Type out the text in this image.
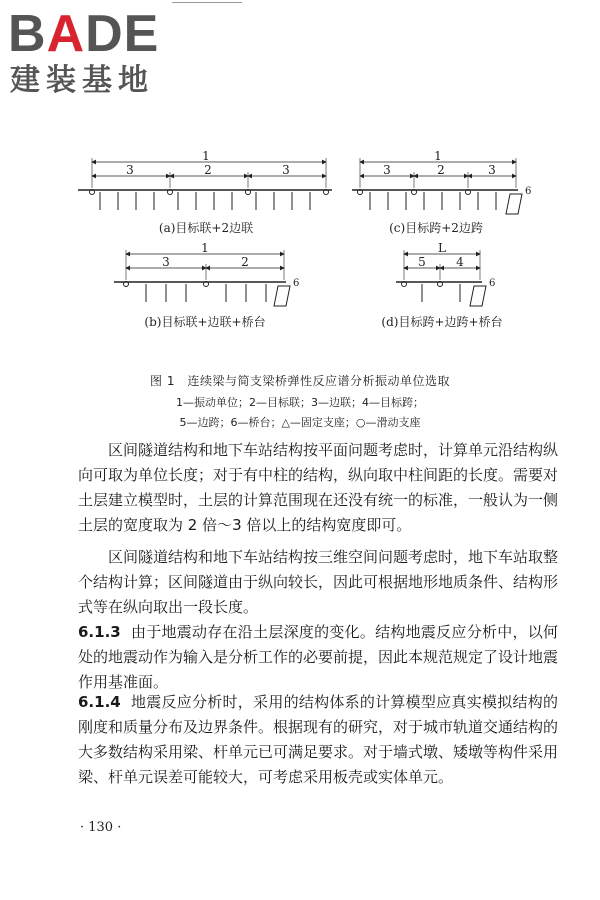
BADE
建装基地
1
3	2	3
(a)目标联+2边联
1
3	2	3
6
(c)目标跨+2边跨
1
3	2
6
(b)目标联+边联+桥台
L
5	4
6
(d)目标跨+边跨+桥台
图 1　连续梁与简支梁桥弹性反应谱分析振动单位选取
1—振动单位；2—目标联；3—边联；4—目标跨；
5—边跨；6—桥台；△—固定支座；○—滑动支座
区间隧道结构和地下车站结构按平面问题考虑时，计算单元沿结构纵向可取为单位长度；对于有中柱的结构，纵向取中柱间距的长度。需要对土层建立模型时，土层的计算范围现在还没有统一的标准，一般认为一侧土层的宽度取为 2 倍～3 倍以上的结构宽度即可。
区间隧道结构和地下车站结构按三维空间问题考虑时，地下车站取整个结构计算；区间隧道由于纵向较长，因此可根据地形地质条件、结构形式等在纵向取出一段长度。
6.1.3 由于地震动存在沿土层深度的变化。结构地震反应分析中，以何处的地震动作为输入是分析工作的必要前提，因此本规范规定了设计地震作用基准面。
6.1.4 地震反应分析时，采用的结构体系的计算模型应真实模拟结构的刚度和质量分布及边界条件。根据现有的研究，对于城市轨道交通结构的大多数结构采用梁、杆单元已可满足要求。对于墙式墩、矮墩等构件采用梁、杆单元误差可能较大，可考虑采用板壳或实体单元。
· 130 ·
